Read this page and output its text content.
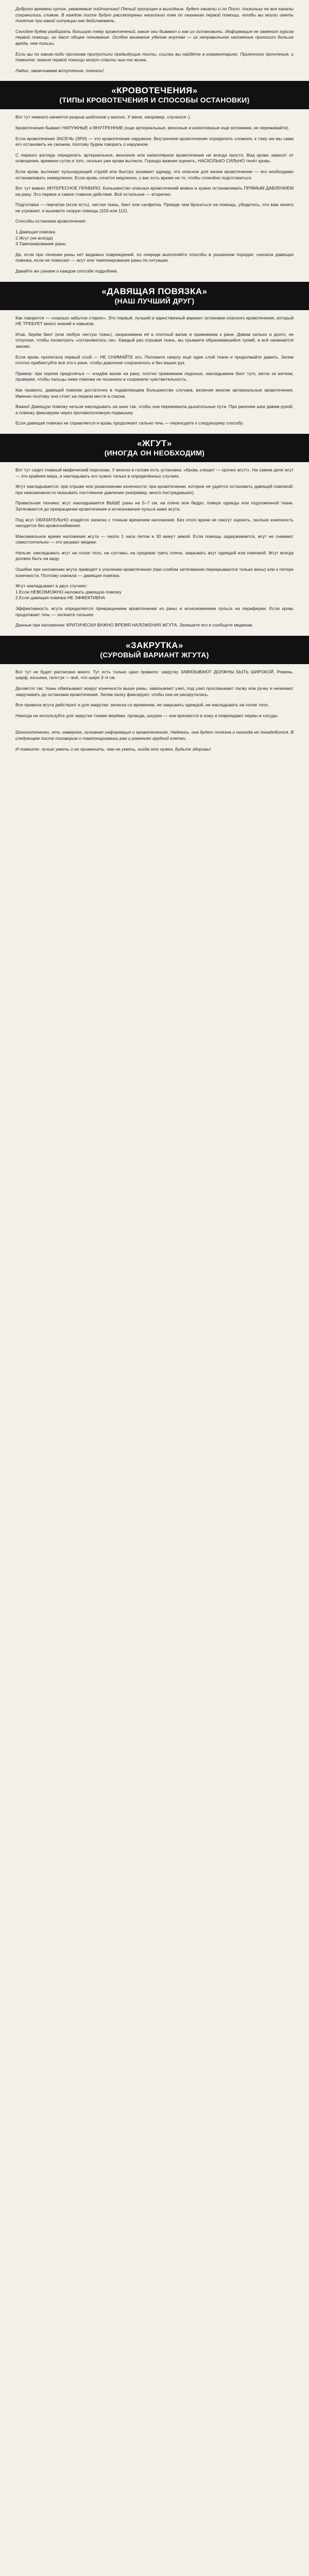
Доброго времени суток, уважаемые пойтончики! Пятый пропущен в выходные, будет начаты и по Пост, поскольку не все каналы сохранились словом. В каждом посте будут рассмотрены несколько тем по оказанию первой помощи, чтобы вы могли иметь понятие при какой ситуации как действовать.

Сегодня будем разбирать большую тему кровотечений, какие они бывают и как их остановить. Информация не заменит курсов первой помощи, но даст общее понимание. Особое внимание уделим жгутам — их неправильное наложение приносит больше вреда, чем пользы.

Если вы по каким-либо причинам пропустили предыдущие посты, ссылки вы найдёте в комментариях. Приятного прочтения, и помните: знания первой помощи могут спасти чью-то жизнь.

Ладно, заканчиваем вступление, поехали!

«КРОВОТЕЧЕНИЯ»
(ТИПЫ КРОВОТЕЧЕНИЯ И СПОСОБЫ ОСТАНОВКИ)

Вот тут немного начнется разрыв шаблонов у многих. У меня, например, случился :)

Кровотечения бывают НАРУЖНЫЕ и ВНУТРЕННИЕ (еще артериальные, венозные и капиллярные еще вспомним, не переживайте).

Если кровотечение ЗАСЕЧЬ (ЗРИ) — это кровотечение наружное. Внутреннее кровотечение определить сложнее, к тому же мы сами его остановить не сможем, поэтому будем говорить о наружном.

С первого взгляда определить артериальное, венозное или капиллярное кровотечение не всегда просто. Вид крови зависит от освещения, времени суток и того, сколько уже крови вытекло. Гораздо важнее оценить, НАСКОЛЬКО СИЛЬНО течёт кровь.

Если кровь вытекает пульсирующей струёй или быстро заливает одежду, это опасное для жизни кровотечение — его необходимо останавливать немедленно. Если кровь сочится медленно, у вас есть время на то, чтобы спокойно подготовиться.

Вот тут важно: ИНТЕРЕСНОЕ ПРАВИЛО. Большинство опасных кровотечений можно и нужно останавливать ПРЯМЫМ ДАВЛЕНИЕМ на рану. Это первое и самое главное действие. Всё остальное — вторично.

Подготовка — перчатки (если есть), чистая ткань, бинт или салфетка. Прежде чем броситься на помощь, убедитесь, что вам ничего не угрожает, и вызовите скорую помощь (103 или 112).

Способы остановки кровотечения:

1.Давящая повязка
2.Жгут (не всегда)
3.Тампонирование раны

Да, если при лечении раны нет видимых повреждений, по очереди выполняйте способы в указанном порядке: сначала давящая повязка, если не помогает — жгут или тампонирование раны по ситуации.

Давайте же узнаем о каждом способе подробнее.

«ДАВЯЩАЯ ПОВЯЗКА»
(НАШ ЛУЧШИЙ ДРУГ)

Как говорится — «хорошо забытое старое». Это первый, лучший и единственный вариант остановки опасного кровотечения, который НЕ ТРЕБУЕТ много знаний и навыков.

Итак, берём бинт (или любую чистую ткань), сворачиваем её в плотный валик и прижимаем к ране. Давим сильно и долго, не отпуская, чтобы посмотреть «остановилось ли». Каждый раз отрывая ткань, вы срываете образовавшийся тромб, и всё начинается заново.

Если кровь пропитала первый слой — НЕ СНИМАЙТЕ его. Положите сверху ещё один слой ткани и продолжайте давить. Затем плотно прибинтуйте всё это к ране, чтобы давление сохранялось и без ваших рук.

Пример: при порезе предплечья — кладём валик на рану, плотно прижимаем ладонью, накладываем бинт туго, виток за витком, проверяя, чтобы пальцы ниже повязки не посинели и сохраняли чувствительность.

Как правило, давящей повязки достаточно в подавляющем большинстве случаев, включая многие артериальные кровотечения. Именно поэтому она стоит на первом месте в списке.

Важно! Давящую повязку нельзя накладывать на шею так, чтобы она пережимала дыхательные пути. При ранении шеи давим рукой, а повязку фиксируем через противоположную подмышку.

Если давящая повязка не справляется и кровь продолжает сильно течь — переходите к следующему способу.

«ЖГУТ»
(ИНОГДА ОН НЕОБХОДИМ)

Вот тут сидит главный мифический персонаж. У многих в голове есть установка: «Кровь хлещет — срочно жгут!». На самом деле жгут — это крайняя мера, и накладывать его нужно только в определённых случаях.

Жгут накладывается: при отрыве или размозжении конечности; при кровотечении, которое не удаётся остановить давящей повязкой; при невозможности оказывать постоянное давление (например, много пострадавших).

Правильная техника: жгут накладывается ВЫШЕ раны на 5–7 см, на плечо или бедро, поверх одежды или подложенной ткани. Затягивается до прекращения кровотечения и исчезновения пульса ниже жгута.

Под жгут ОБЯЗАТЕЛЬНО кладётся записка с точным временем наложения. Без этого врачи не смогут оценить, сколько конечность находится без кровоснабжения.

Максимальное время наложения жгута — около 1 часа летом и 30 минут зимой. Если помощь задерживается, жгут не снимают самостоятельно — это решают медики.

Нельзя: накладывать жгут на голое тело, на суставы, на среднюю треть плеча, закрывать жгут одеждой или повязкой. Жгут всегда должен быть на виду.

Ошибки при наложении жгута приводят к усилению кровотечения (при слабом затягивании перекрываются только вены) или к потере конечности. Поэтому сначала — давящая повязка.

Жгут накладывают в двух случаях:
1.Если НЕВОЗМОЖНО наложить давящую повязку
2.Если давящая повязка НЕ ЭФФЕКТИВНА

Эффективность жгута определяется прекращением кровотечения из раны и исчезновением пульса на периферии. Если кровь продолжает течь — затяните сильнее.

Данные при наложении: КРИТИЧЕСКИ ВАЖНО ВРЕМЯ НАЛОЖЕНИЯ ЖГУТА. Запишите его и сообщите медикам.

«ЗАКРУТКА»
(СУРОВЫЙ ВАРИАНТ ЖГУТА)

Вот тут не будет расписано много. Тут есть только одно правило: закрутку ЗАВЯЗЫВАЮТ ДОЛЖНЫ БЫТЬ ШИРОКОЙ. Ремень, шарф, косынка, галстук — всё, что шире 3–4 см.

Делается так: ткань обвязывают вокруг конечности выше раны, завязывают узел, под узел просовывают палку или ручку и начинают закручивать до остановки кровотечения. Затем палку фиксируют, чтобы она не раскрутилась.

Все правила жгута действуют и для закрутки: записка со временем, не закрывать одеждой, не накладывать на голое тело.

Никогда не используйте для закрутки тонкие верёвки, провода, шнурки — они врезаются в кожу и повреждают нервы и сосуды.

Шоколоточенко, это, наверное, основная информация о кровотечениях. Надеюсь, она будет полезна и никогда не понадобится. В следующем посте поговорим о тампонировании ран и ранениях грудной клетки.

И помните: лучше уметь и не применить, чем не уметь, когда это нужно. Будьте здоровы!
